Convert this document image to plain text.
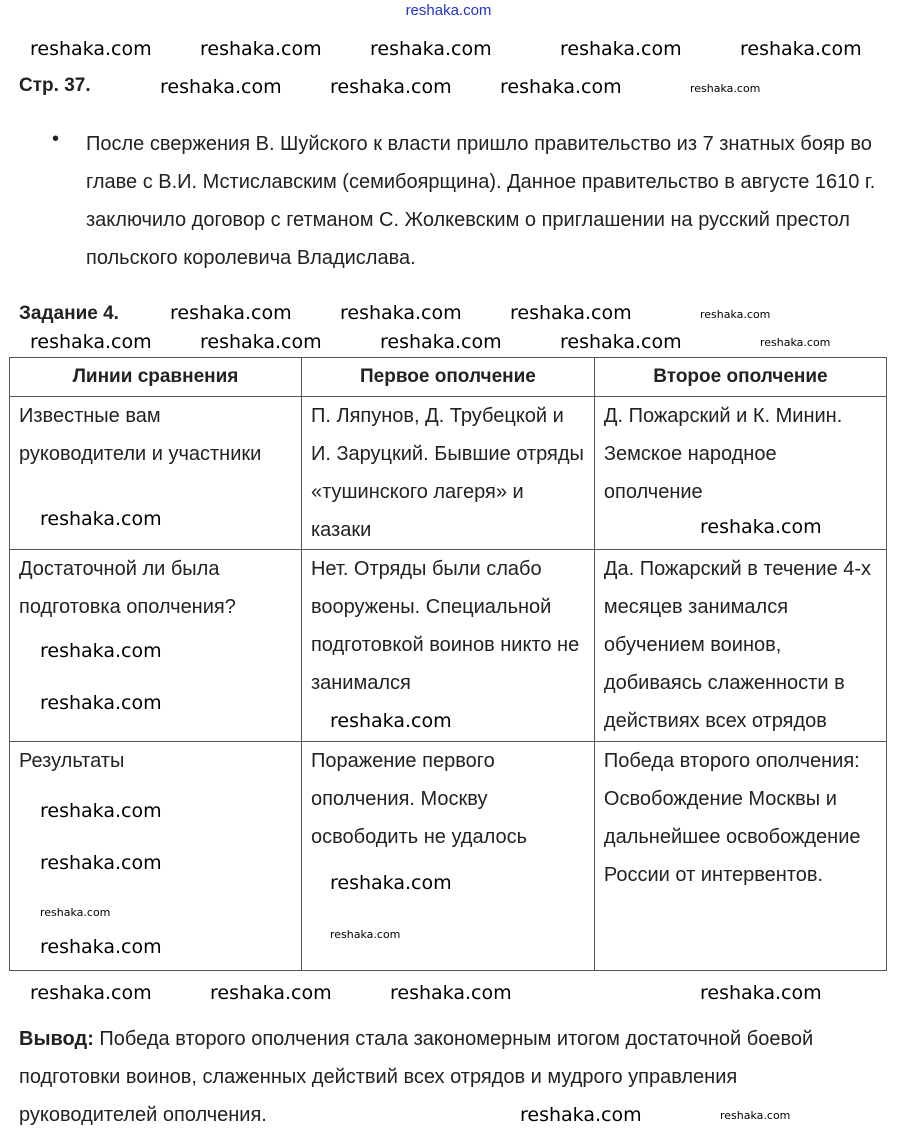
reshaka.com
Стр. 37.
• После свержения В. Шуйского к власти пришло правительство из 7 знатных бояр во главе с В.И. Мстиславским (семибоярщина). Данное правительство в августе 1610 г. заключило договор с гетманом С. Жолкевским о приглашении на русский престол польского королевича Владислава.
Задание 4.
Линии сравнения	Первое ополчение	Второе ополчение
Известные вам руководители и участники	П. Ляпунов, Д. Трубецкой и И. Заруцкий. Бывшие отряды «тушинского лагеря» и казаки	Д. Пожарский и К. Минин. Земское народное ополчение
Достаточной ли была подготовка ополчения?	Нет. Отряды были слабо вооружены. Специальной подготовкой воинов никто не занимался	Да. Пожарский в течение 4-х месяцев занимался обучением воинов, добиваясь слаженности в действиях всех отрядов
Результаты	Поражение первого ополчения. Москву освободить не удалось	Победа второго ополчения: Освобождение Москвы и дальнейшее освобождение России от интервентов.
Вывод: Победа второго ополчения стала закономерным итогом достаточной боевой подготовки воинов, слаженных действий всех отрядов и мудрого управления руководителей ополчения.
reshaka.com	reshaka.com	reshaka.com	reshaka.com	reshaka.com
reshaka.com	reshaka.com	reshaka.com	reshaka.com
reshaka.com	reshaka.com	reshaka.com	reshaka.com
reshaka.com	reshaka.com	reshaka.com	reshaka.com	reshaka.com
reshaka.com	reshaka.com
reshaka.com
reshaka.com
reshaka.com
reshaka.com
reshaka.com
reshaka.com
reshaka.com
reshaka.com
reshaka.com
reshaka.com	reshaka.com	reshaka.com	reshaka.com
reshaka.com	reshaka.com
